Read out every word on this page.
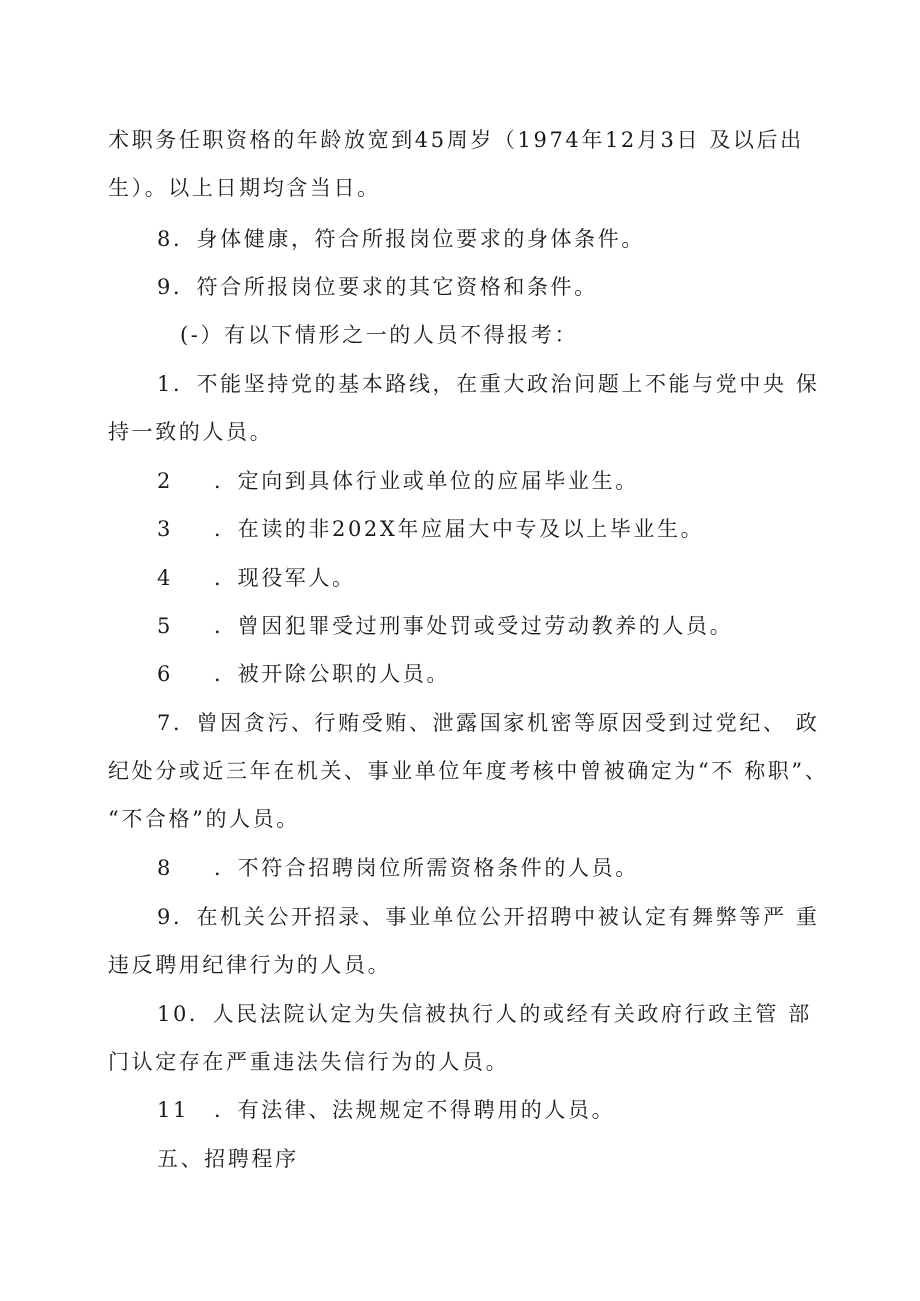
术职务任职资格的年龄放宽到45周岁（1974年12月3日 及以后出
生）。以上日期均含当日。
8．身体健康，符合所报岗位要求的身体条件。
9．符合所报岗位要求的其它资格和条件。
(-）有以下情形之一的人员不得报考：
1．不能坚持党的基本路线，在重大政治问题上不能与党中央 保
持一致的人员。
2 ．定向到具体行业或单位的应届毕业生。
3 ．在读的非202X年应届大中专及以上毕业生。
4 ．现役军人。
5 ．曾因犯罪受过刑事处罚或受过劳动教养的人员。
6 ．被开除公职的人员。
7．曾因贪污、行贿受贿、泄露国家机密等原因受到过党纪、 政
纪处分或近三年在机关、事业单位年度考核中曾被确定为“不 称职”、
“不合格”的人员。
8 ．不符合招聘岗位所需资格条件的人员。
9．在机关公开招录、事业单位公开招聘中被认定有舞弊等严 重
违反聘用纪律行为的人员。
10．人民法院认定为失信被执行人的或经有关政府行政主管 部
门认定存在严重违法失信行为的人员。
11 ．有法律、法规规定不得聘用的人员。
五、招聘程序
